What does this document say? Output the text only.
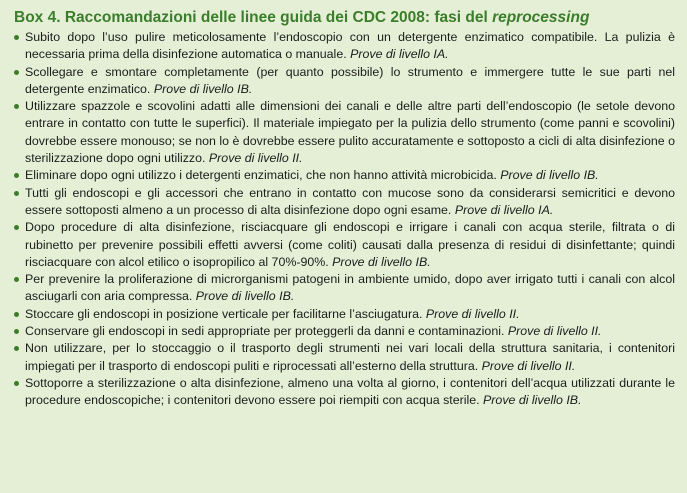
Box 4. Raccomandazioni delle linee guida dei CDC 2008: fasi del reprocessing
Subito dopo l’uso pulire meticolosamente l’endoscopio con un detergente enzimatico compatibile. La pulizia è necessaria prima della disinfezione automatica o manuale. Prove di livello IA.
Scollegare e smontare completamente (per quanto possibile) lo strumento e immergere tutte le sue parti nel detergente enzimatico. Prove di livello IB.
Utilizzare spazzole e scovolini adatti alle dimensioni dei canali e delle altre parti dell’endoscopio (le setole devono entrare in contatto con tutte le superfici). Il materiale impiegato per la pulizia dello strumento (come panni e scovolini) dovrebbe essere monouso; se non lo è dovrebbe essere pulito accuratamente e sottoposto a cicli di alta disinfezione o sterilizzazione dopo ogni utilizzo. Prove di livello II.
Eliminare dopo ogni utilizzo i detergenti enzimatici, che non hanno attività microbicida. Prove di livello IB.
Tutti gli endoscopi e gli accessori che entrano in contatto con mucose sono da considerarsi semicritici e devono essere sottoposti almeno a un processo di alta disinfezione dopo ogni esame. Prove di livello IA.
Dopo procedure di alta disinfezione, risciacquare gli endoscopi e irrigare i canali con acqua sterile, filtrata o di rubinetto per prevenire possibili effetti avversi (come coliti) causati dalla presenza di residui di disinfettante; quindi risciacquare con alcol etilico o isopropilico al 70%-90%. Prove di livello IB.
Per prevenire la proliferazione di microrganismi patogeni in ambiente umido, dopo aver irrigato tutti i canali con alcol asciugarli con aria compressa. Prove di livello IB.
Stoccare gli endoscopi in posizione verticale per facilitarne l’asciugatura. Prove di livello II.
Conservare gli endoscopi in sedi appropriate per proteggerli da danni e contaminazioni. Prove di livello II.
Non utilizzare, per lo stoccaggio o il trasporto degli strumenti nei vari locali della struttura sanitaria, i contenitori impiegati per il trasporto di endoscopi puliti e riprocessati all’esterno della struttura. Prove di livello II.
Sottoporre a sterilizzazione o alta disinfezione, almeno una volta al giorno, i contenitori dell’acqua utilizzati durante le procedure endoscopiche; i contenitori devono essere poi riempiti con acqua sterile. Prove di livello IB.
